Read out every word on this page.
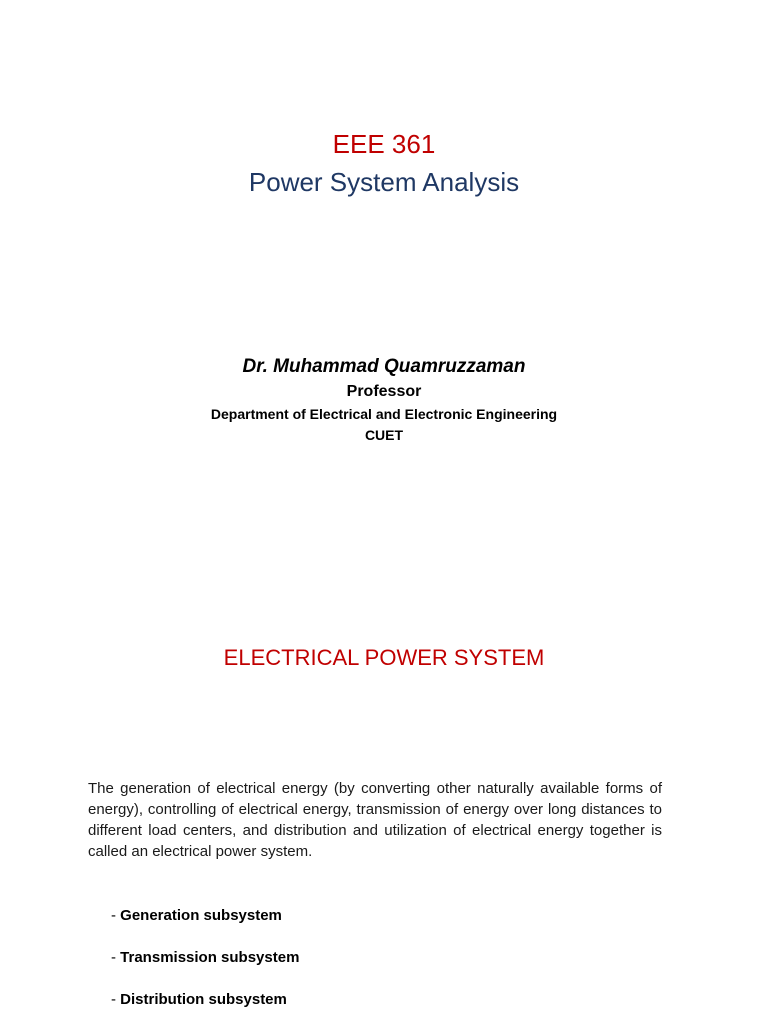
EEE 361
Power System Analysis
Dr. Muhammad Quamruzzaman
Professor
Department of Electrical and Electronic Engineering
CUET
ELECTRICAL POWER SYSTEM

The generation of electrical energy (by converting other naturally available forms of energy), controlling of electrical energy, transmission of energy over long distances to different load centers, and distribution and utilization of electrical energy together is called an electrical power system.

- Generation subsystem
- Transmission subsystem
- Distribution subsystem
